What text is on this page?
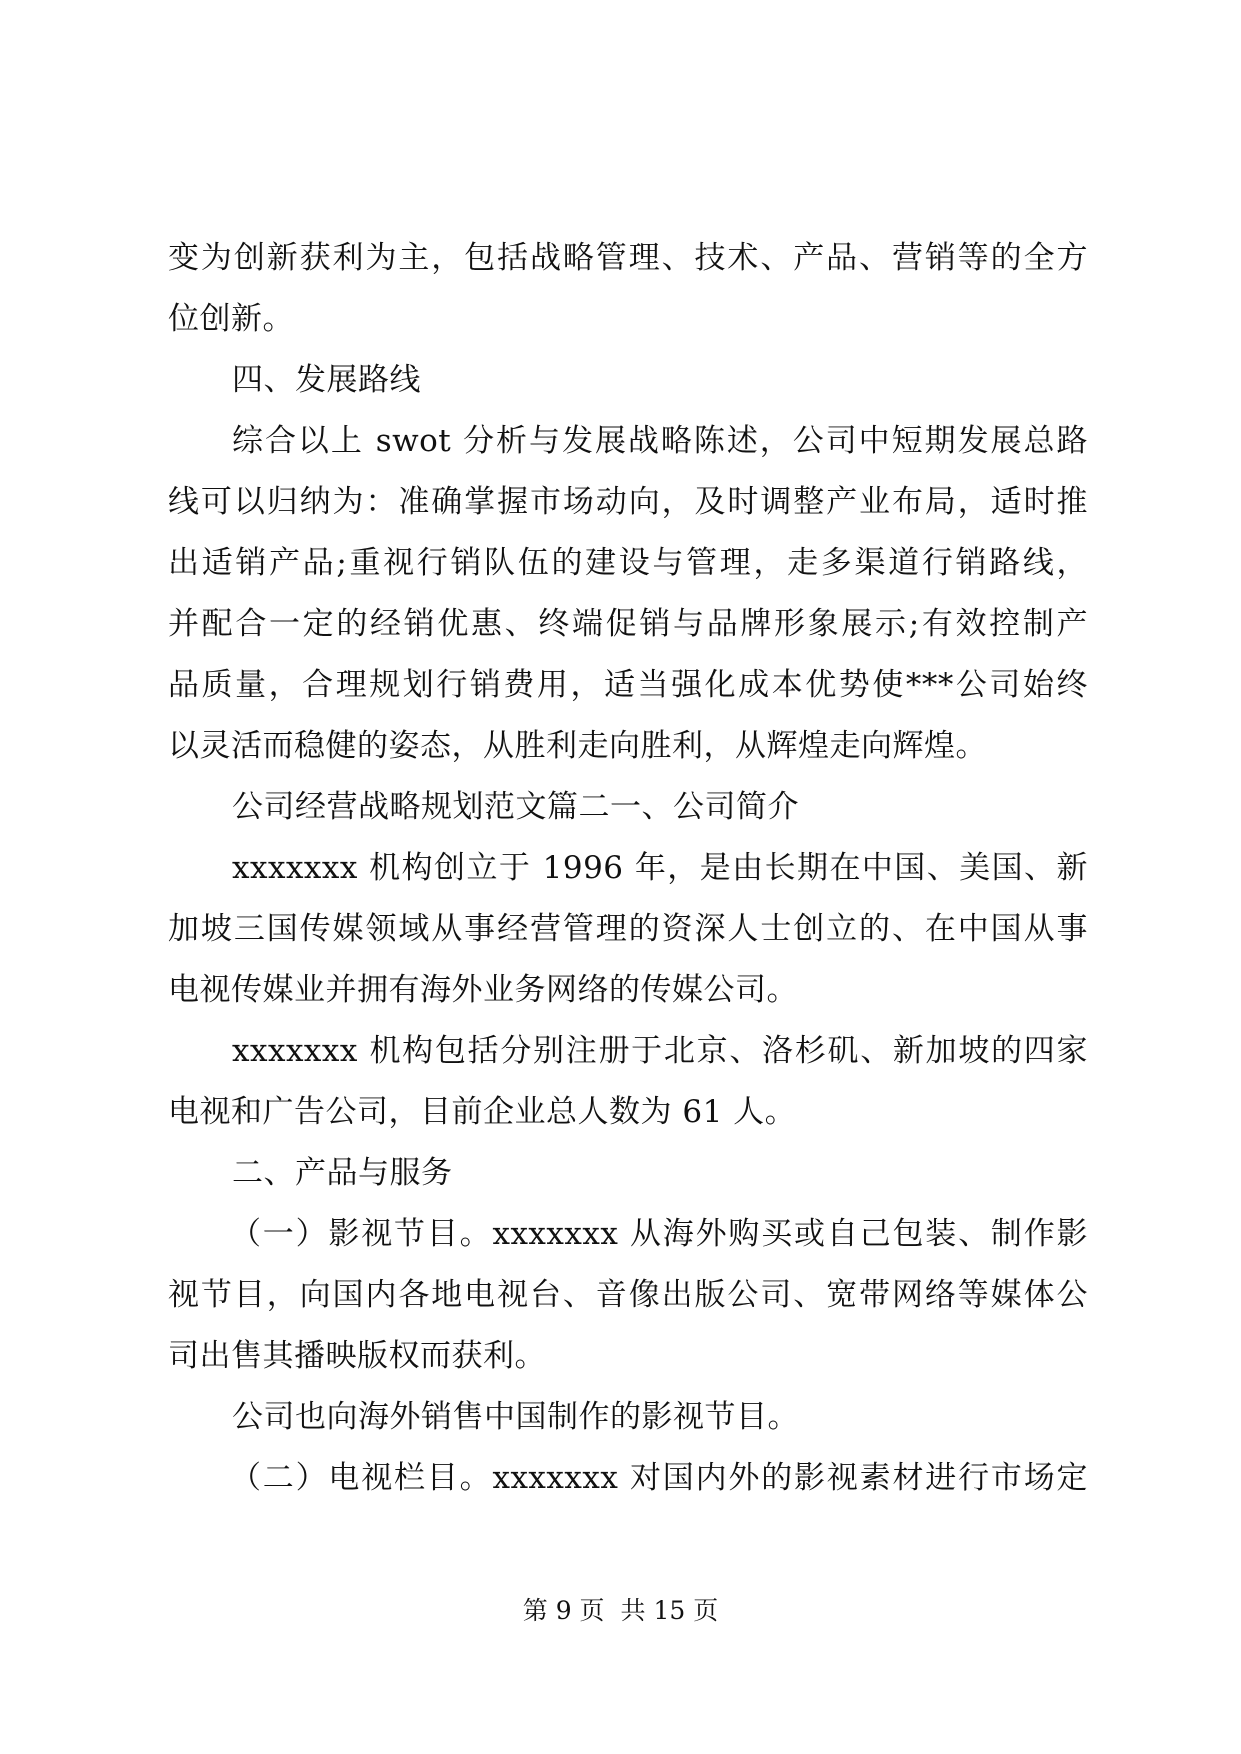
变为创新获利为主，包括战略管理、技术、产品、营销等的全方
位创新。
四、发展路线
综合以上 swot 分析与发展战略陈述，公司中短期发展总路
线可以归纳为：准确掌握市场动向，及时调整产业布局，适时推
出适销产品;重视行销队伍的建设与管理，走多渠道行销路线，
并配合一定的经销优惠、终端促销与品牌形象展示;有效控制产
品质量，合理规划行销费用，适当强化成本优势使***公司始终
以灵活而稳健的姿态，从胜利走向胜利，从辉煌走向辉煌。
公司经营战略规划范文篇二一、公司简介
xxxxxxx 机构创立于 1996 年，是由长期在中国、美国、新
加坡三国传媒领域从事经营管理的资深人士创立的、在中国从事
电视传媒业并拥有海外业务网络的传媒公司。
xxxxxxx 机构包括分别注册于北京、洛杉矶、新加坡的四家
电视和广告公司，目前企业总人数为 61 人。
二、产品与服务
（一）影视节目。xxxxxxx 从海外购买或自己包装、制作影
视节目，向国内各地电视台、音像出版公司、宽带网络等媒体公
司出售其播映版权而获利。
公司也向海外销售中国制作的影视节目。
（二）电视栏目。xxxxxxx 对国内外的影视素材进行市场定
第 9 页 共 15 页
